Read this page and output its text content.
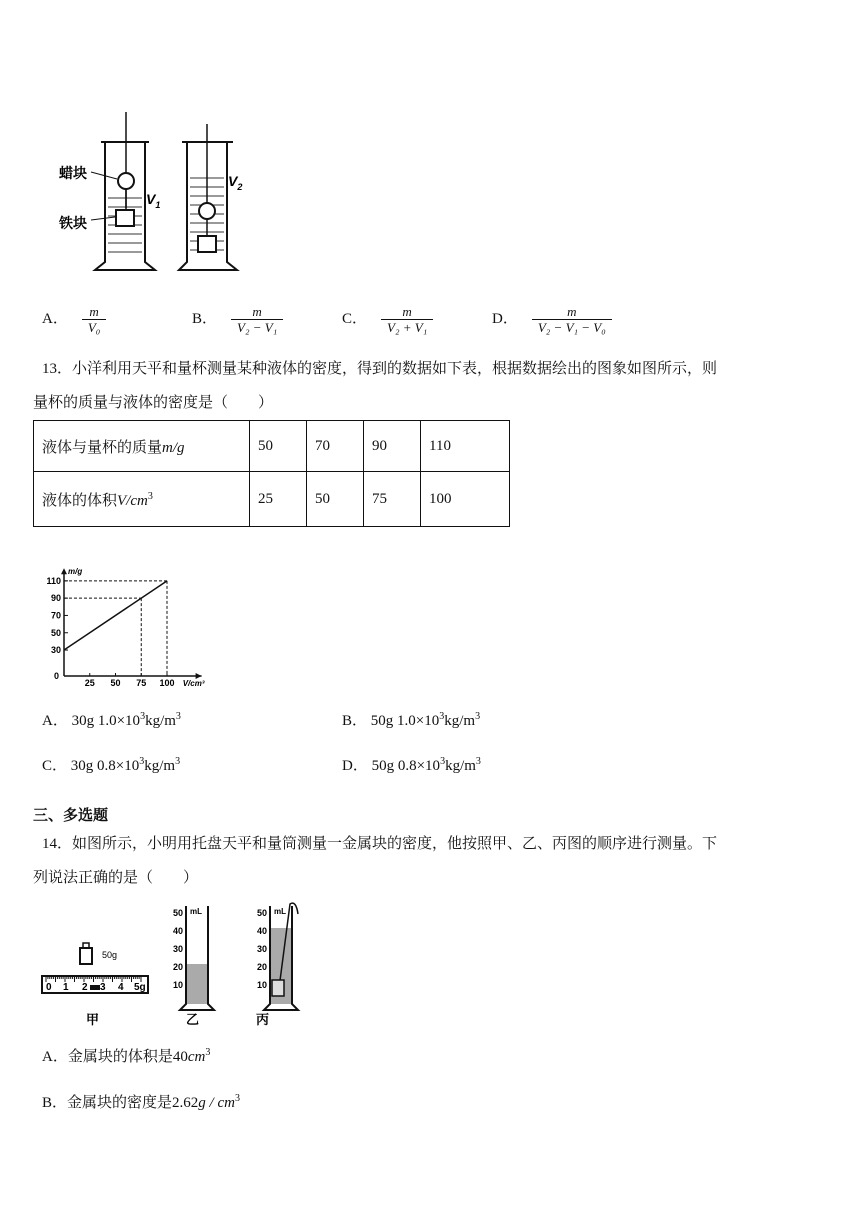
蜡块
铁块
$V_1$
$V_2$
A． $\frac{m}{\text{V₀}}$	B． $\frac{m}{\text{V₂ − V₁}}$	C． $\frac{m}{\text{V₂ + V₁}}$	D． $\frac{m}{\text{V₂ − V₁ − V₀}}$
13．小洋利用天平和量杯测量某种液体的密度，得到的数据如下表，根据数据绘出的图象如图所示，则
量杯的质量与液体的密度是（　　）
液体与量杯的质量m/g	50	70	90	110
液体的体积$V/cm^3$	25	50	75	100
30
50
70
90
110
25 50 75 100
0
V/cm³
m/g
A． 30g $1.0\times 10^3kg/m^3$	B． 50g $1.0\times 10^3kg/m^3$
C． 30g $0.8\times 10^3kg/m^3$	D． 50g $0.8\times 10^3kg/m^3$
三、多选题
14．如图所示，小明用托盘天平和量筒测量一金属块的密度，他按照甲、乙、丙图的顺序进行测量。下
列说法正确的是（　　）
50g
0 1 2 3 4 5g
甲
mL
50
40
30
20
10
乙
mL
50
40
30
20
10
丙
A．金属块的体积是$40cm^3$
B．金属块的密度是$2.62g / cm^3$
